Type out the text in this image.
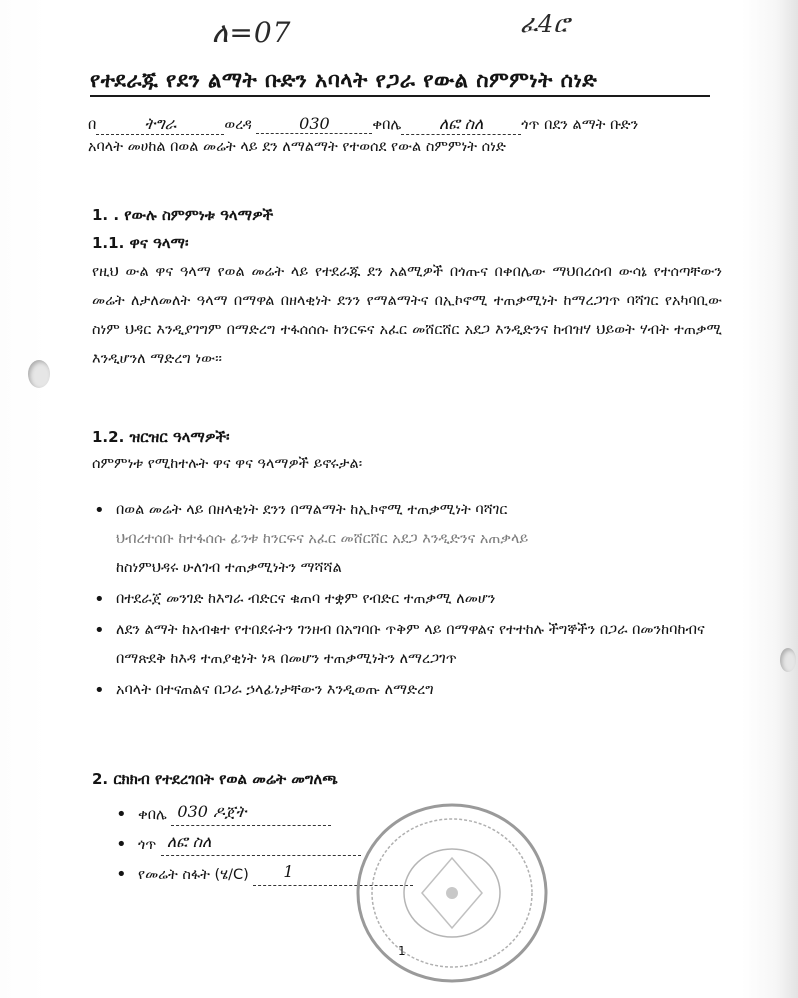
ለ=07	ፈ4ሮ
የተደራጁ የደን ልማት ቡድን አባላት የጋራ የውል ስምምነት ሰነድ
በ	ትግራ	ወረዳ	030	ቀበሌ ለፎ ስለ	ጎጥ በደን ልማት ቡድን
አባላት መሀከል በወል መሬት ላይ ደን ለማልማት የተወሰደ የውል ስምምነት ሰነድ
1. . የውሉ ስምምነቱ ዓላማዎች
1.1. ዋና ዓላማ፡
የዚህ ውል ዋና ዓላማ የወል መሬት ላይ የተደራጁ ደን አልሚዎች በጎጡና በቀበሌው ማህበረሰብ ውሳኔ የተሰጣቸውን መሬት ለታለመለት ዓላማ በማዋል በዘላቂነት ደንን የማልማትና በኢኮኖሚ ተጠቃሚነት ከማረጋገጥ ባሻገር የአካባቢው ስነም ህዳር እንዲያገግም በማድረግ ተፋሰሰሱ ከንርፍና አፈር መሸርሸር አደጋ እንዲድንና ከብዝሃ ህይወት ሃብት ተጠቃሚ እንዲሆንለ ማድረግ ነው፡፡
1.2. ዝርዝር ዓላማዎች፡
ሰምምነቱ የሚከተሉት ዋና ዋና ዓላማዎች ይኖሩታል፡
• በወል መሬት ላይ በዘላቂነት ደንን በማልማት ከኢኮኖሚ ተጠቃሚነት ባሻገር
ህብረተሰቡ ከተፋሰሱ ፊንቱ ከንርፍና አፈር መሸርሸር አደጋ እንዲድንና አጠቃላይ
ከስነምህዳሩ ሁለገብ ተጠቃሚነትን ማሻሻል
• በተደራጀ መንገድ ከእግራ ብድርና ቁጠባ ተቋም የብድር ተጠቃሚ ለመሆን
• ለደን ልማት ከአብቁተ የተበደሩትን ገንዘብ በአግባቡ ጥቅም ላይ በማዋልና የተተከሉ ችግኞችን በጋራ በመንከባከብና በማጽደቅ ከእዳ ተጠያቂነት ነጻ በመሆን ተጠቃሚነትን ለማረጋገጥ
• አባላት በተናጠልና በጋራ ኃላፊነታቸውን እንዲወጡ ለማድረግ
2. ርክክብ የተደረገበት የወል መሬት መግለጫ
• ቀበሌ 030 ዶጀት
• ጎጥ ለፎ ስለ
• የመሬት ስፋት (ሄ/C) 1
1
